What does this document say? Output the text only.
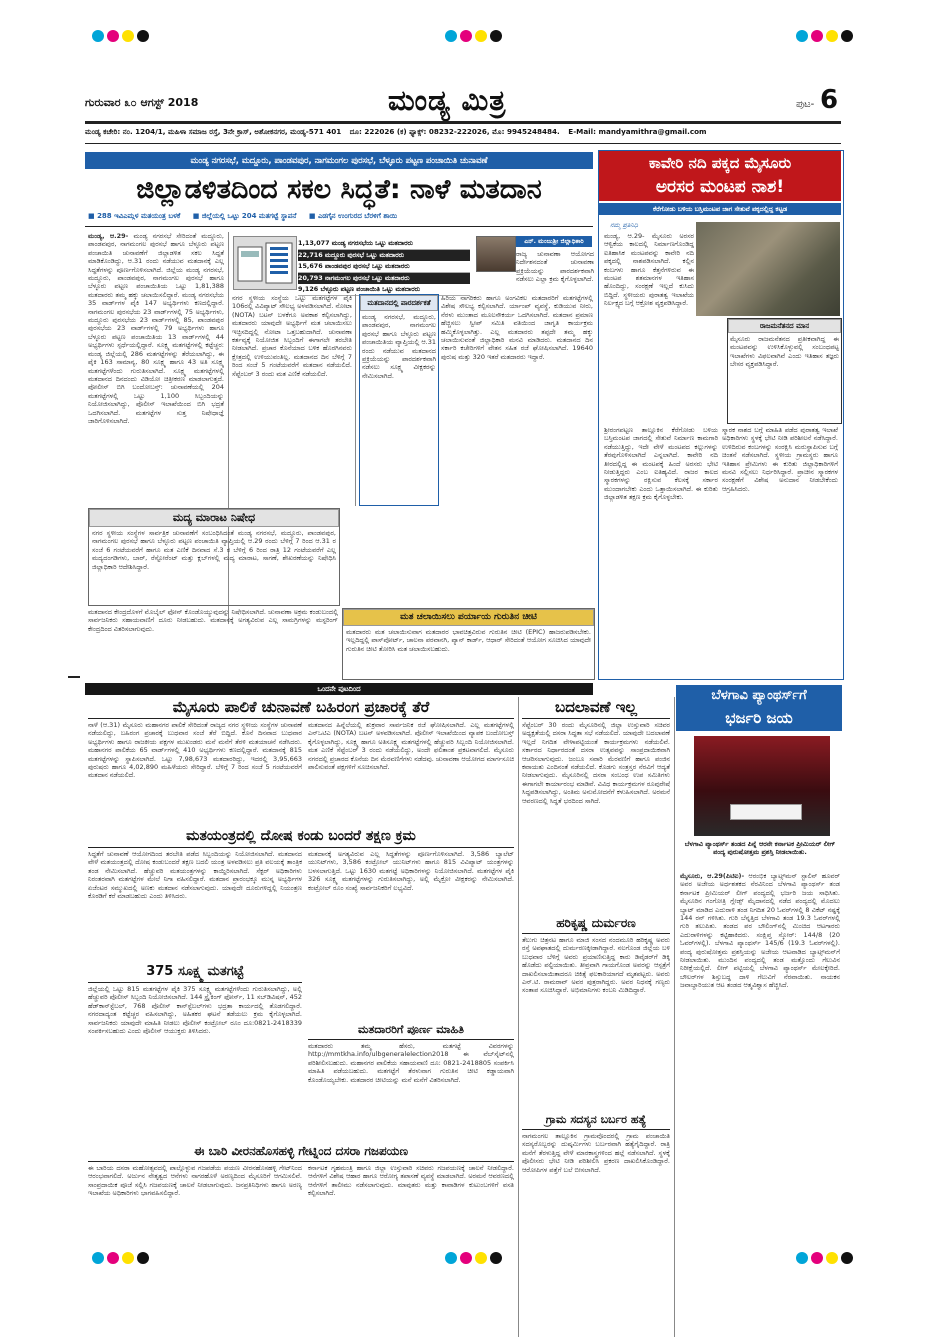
ಗುರುವಾರ ೩೦ ಆಗಸ್ಟ್ 2018	ಮಂಡ್ಯ ಮಿತ್ರ	ಪುಟ- 6
ಮಂಡ್ಯ ಕಚೇರಿ: ನಂ. 1204/1, ಮಹಿಳಾ ಸಮಾಜ ರಸ್ತೆ, 3ನೇ ಕ್ರಾಸ್, ಅಶೋಕನಗರ, ಮಂಡ್ಯ-571 401 ದೂ: 222026 (ಕ) ಫ್ಯಾಕ್ಸ್: 08232-222026, ಮೊ: 9945248484. E-Mail: mandyamithra@gmail.com
ಮಂಡ್ಯ ನಗರಸಭೆ, ಮದ್ದೂರು, ಪಾಂಡವಪುರ, ನಾಗಮಂಗಲ ಪುರಸಭೆ, ಬೆಳ್ಳೂರು ಪಟ್ಟಣ ಪಂಚಾಯಿತಿ ಚುನಾವಣೆ
ಜಿಲ್ಲಾಡಳಿತದಿಂದ ಸಕಲ ಸಿದ್ಧತೆ: ನಾಳೆ ಮತದಾನ
■ 288 ಇವಿಎಮ್ಗಳ ಮತಯಂತ್ರ ಬಳಕೆ ■ ಜಿಲ್ಲೆಯಲ್ಲಿ ಒಟ್ಟು 204 ಮತಗಟ್ಟೆ ಸ್ಥಾಪನೆ ■ ಎಡಗೈನ ಉಂಗುರದ ಬೆರಳಿಗೆ ಶಾಯಿ
ಮಂಡ್ಯ, ಆ.29- ಮಂಡ್ಯ ನಗರಸಭೆ ಸೇರಿದಂತೆ ಮದ್ದೂರು, ಪಾಂಡವಪುರ, ನಾಗಮಂಗಲ ಪುರಸಭೆ ಹಾಗೂ ಬೆಳ್ಳೂರು ಪಟ್ಟಣ ಪಂಚಾಯಿತಿ ಚುನಾವಣೆಗೆ ಜಿಲ್ಲಾಡಳಿತ ಸಕಲ ಸಿದ್ಧತೆ ಮಾಡಿಕೊಂಡಿದ್ದು, ಆ.31 ರಂದು ನಡೆಯುವ ಮತದಾನಕ್ಕೆ ಎಲ್ಲ ಸಿದ್ಧತೆಗಳನ್ನು ಪೂರ್ಣಗೊಳಿಸಲಾಗಿದೆ. ಜಿಲ್ಲೆಯ ಮಂಡ್ಯ ನಗರಸಭೆ, ಮದ್ದೂರು, ಪಾಂಡವಪುರ, ನಾಗಮಂಗಲ ಪುರಸಭೆ ಹಾಗೂ ಬೆಳ್ಳೂರು ಪಟ್ಟಣ ಪಂಚಾಯಿತಿಯ ಒಟ್ಟು 1,81,388 ಮತದಾರರು ತಮ್ಮ ಹಕ್ಕು ಚಲಾಯಿಸಲಿದ್ದಾರೆ. ಮಂಡ್ಯ ನಗರಸಭೆಯ 35 ವಾರ್ಡ್‌ಗಳ ಪೈಕಿ 147 ಅಭ್ಯರ್ಥಿಗಳು ಕಣದಲ್ಲಿದ್ದಾರೆ. ನಾಗಮಂಗಲ ಪುರಸಭೆಯ 23 ವಾರ್ಡ್‌ಗಳಲ್ಲಿ 75 ಅಭ್ಯರ್ಥಿಗಳು, ಮದ್ದೂರು ಪುರಸಭೆಯ 23 ವಾರ್ಡ್‌ಗಳಲ್ಲಿ 85, ಪಾಂಡವಪುರ ಪುರಸಭೆಯ 23 ವಾರ್ಡ್‌ಗಳಲ್ಲಿ 79 ಅಭ್ಯರ್ಥಿಗಳು ಹಾಗೂ ಬೆಳ್ಳೂರು ಪಟ್ಟಣ ಪಂಚಾಯಿತಿಯ 13 ವಾರ್ಡ್‌ಗಳಲ್ಲಿ 44 ಅಭ್ಯರ್ಥಿಗಳು ಸ್ಪರ್ಧೆಯಲ್ಲಿದ್ದಾರೆ. ಸೂಕ್ಷ್ಮ ಮತಗಟ್ಟೆಗಳಲ್ಲಿ ಕಟ್ಟೆಚ್ಚರ: ಮಂಡ್ಯ ಜಿಲ್ಲೆಯಲ್ಲಿ 286 ಮತಗಟ್ಟೆಗಳನ್ನು ತೆರೆಯಲಾಗಿದ್ದು, ಈ ಪೈಕಿ 163 ಸಾಮಾನ್ಯ, 80 ಸೂಕ್ಷ್ಮ ಹಾಗೂ 43 ಅತಿ ಸೂಕ್ಷ್ಮ ಮತಗಟ್ಟೆಗಳೆಂದು ಗುರುತಿಸಲಾಗಿದೆ. ಸೂಕ್ಷ್ಮ ಮತಗಟ್ಟೆಗಳಲ್ಲಿ ಮತದಾನದ ದಿನದಂದು ವಿಡಿಯೋ ಚಿತ್ರೀಕರಣ ಮಾಡಲಾಗುತ್ತದೆ. ಪೋಲೀಸ್ ಬಿಗಿ ಬಂದೋಬಸ್ತ್: ಚುನಾವಣೆಯಲ್ಲಿ 204 ಮತಗಟ್ಟೆಗಳಲ್ಲಿ ಒಟ್ಟು 1,100 ಸಿಬ್ಬಂದಿಯನ್ನು ನಿಯೋಜಿಸಲಾಗಿದ್ದು, ಪೊಲೀಸ್ ಇಲಾಖೆಯಿಂದ ಬಿಗಿ ಭದ್ರತೆ ಒದಗಿಸಲಾಗಿದೆ. ಮತಗಟ್ಟೆಗಳ ಸುತ್ತ ನಿಷೇಧಾಜ್ಞೆ ಜಾರಿಗೊಳಿಸಲಾಗಿದೆ.
1,13,077 ಮಂಡ್ಯ ನಗರಸಭೆಯ ಒಟ್ಟು ಮತದಾರರು
22,716 ಮದ್ದೂರು ಪುರಸಭೆ ಒಟ್ಟು ಮತದಾರರು
15,676 ಪಾಂಡವಪುರ ಪುರಸಭೆ ಒಟ್ಟು ಮತದಾರರು
20,793 ನಾಗಮಂಗಲ ಪುರಸಭೆ ಒಟ್ಟು ಮತದಾರರು
9,126 ಬೆಳ್ಳೂರು ಪಟ್ಟಣ ಪಂಚಾಯಿತಿ ಒಟ್ಟು ಮತದಾರರು
ಎನ್. ಮಂಜುಶ್ರೀ ಜಿಲ್ಲಾಧಿಕಾರಿ
ರಾಜ್ಯ ಚುನಾವಣಾ ಆಯೋಗದ ನಿರ್ದೇಶನದಂತೆ ಚುನಾವಣಾ ಪ್ರಕ್ರಿಯೆಯನ್ನು ಪಾರದರ್ಶಕವಾಗಿ ನಡೆಸಲು ಎಲ್ಲಾ ಕ್ರಮ ಕೈಗೊಳ್ಳಲಾಗಿದೆ.
ನಗರ ಸ್ಥಳೀಯ ಸಂಸ್ಥೆಯ ಒಟ್ಟು ಮತಗಟ್ಟೆಗಳ ಪೈಕಿ 106ರಲ್ಲಿ ವಿವಿಪ್ಯಾಟ್ ಸೌಲಭ್ಯ ಅಳವಡಿಸಲಾಗಿದೆ. ನೋಟಾ (NOTA) ಬಟನ್ ಬಳಕೆಗೂ ಅವಕಾಶ ಕಲ್ಪಿಸಲಾಗಿದ್ದು, ಮತದಾರರು ಯಾವುದೇ ಅಭ್ಯರ್ಥಿಗೆ ಮತ ಚಲಾಯಿಸಲು ಇಚ್ಛಿಸದಿದ್ದಲ್ಲಿ ನೋಟಾ ಒತ್ತಬಹುದಾಗಿದೆ. ಚುನಾವಣಾ ಕರ್ತವ್ಯಕ್ಕೆ ನಿಯೋಜಿತ ಸಿಬ್ಬಂದಿಗೆ ಈಗಾಗಲೇ ತರಬೇತಿ ನೀಡಲಾಗಿದೆ. ಪ್ರಚಾರ ಕೊನೆಯಾದ ಬಳಿಕ ಹೊರಗಿನವರು ಕ್ಷೇತ್ರದಲ್ಲಿ ಉಳಿಯುವಂತಿಲ್ಲ. ಮತದಾನದ ದಿನ ಬೆಳಿಗ್ಗೆ 7 ರಿಂದ ಸಂಜೆ 5 ಗಂಟೆಯವರೆಗೆ ಮತದಾನ ನಡೆಯಲಿದೆ. ಸೆಪ್ಟೆಂಬರ್ 3 ರಂದು ಮತ ಎಣಿಕೆ ನಡೆಯಲಿದೆ.
ಮತದಾನದಲ್ಲಿ ಪಾರದರ್ಶಕತೆ
ಮಂಡ್ಯ ನಗರಸಭೆ, ಮದ್ದೂರು, ಪಾಂಡವಪುರ, ನಾಗಮಂಗಲ ಪುರಸಭೆ ಹಾಗೂ ಬೆಳ್ಳೂರು ಪಟ್ಟಣ ಪಂಚಾಯಿತಿಯ ವ್ಯಾಪ್ತಿಯಲ್ಲಿ ಆ.31 ರಂದು ನಡೆಯುವ ಮತದಾನದ ಪ್ರಕ್ರಿಯೆಯನ್ನು ಪಾರದರ್ಶಕವಾಗಿ ನಡೆಸಲು ಸೂಕ್ಷ್ಮ ವೀಕ್ಷಕರನ್ನು ನೇಮಿಸಲಾಗಿದೆ.
ಹಿರಿಯ ನಾಗರಿಕರು ಹಾಗೂ ಅಂಗವಿಕಲ ಮತದಾರರಿಗೆ ಮತಗಟ್ಟೆಗಳಲ್ಲಿ ವಿಶೇಷ ಸೌಲಭ್ಯ ಕಲ್ಪಿಸಲಾಗಿದೆ. ರ್ಯಾಂಪ್ ವ್ಯವಸ್ಥೆ, ಕುಡಿಯುವ ನೀರು, ನೆರಳು ಮುಂತಾದ ಮೂಲಸೌಕರ್ಯ ಒದಗಿಸಲಾಗಿದೆ. ಮತದಾನ ಪ್ರಮಾಣ ಹೆಚ್ಚಿಸಲು ಸ್ವೀಪ್ ಸಮಿತಿ ವತಿಯಿಂದ ಜಾಗೃತಿ ಕಾರ್ಯಕ್ರಮ ಹಮ್ಮಿಕೊಳ್ಳಲಾಗಿತ್ತು. ಎಲ್ಲ ಮತದಾರರು ತಪ್ಪದೇ ತಮ್ಮ ಹಕ್ಕು ಚಲಾಯಿಸುವಂತೆ ಜಿಲ್ಲಾಧಿಕಾರಿ ಮನವಿ ಮಾಡಿದರು. ಮತದಾನದ ದಿನ ಸರ್ಕಾರಿ ಕಚೇರಿಗಳಿಗೆ ವೇತನ ಸಹಿತ ರಜೆ ಘೋಷಿಸಲಾಗಿದೆ. 19640 ಪುರುಷ ಮತ್ತು 320 ಇತರೆ ಮತದಾರರು ಇದ್ದಾರೆ.
ಮದ್ಯ ಮಾರಾಟ ನಿಷೇಧ
ನಗರ ಸ್ಥಳೀಯ ಸಂಸ್ಥೆಗಳ ಸಾರ್ವತ್ರಿಕ ಚುನಾವಣೆಗೆ ಸಂಬಂಧಿಸಿದಂತೆ ಮಂಡ್ಯ ನಗರಸಭೆ, ಮದ್ದೂರು, ಪಾಂಡವಪುರ, ನಾಗಮಂಗಲ ಪುರಸಭೆ ಹಾಗೂ ಬೆಳ್ಳೂರು ಪಟ್ಟಣ ಪಂಚಾಯಿತಿ ವ್ಯಾಪ್ತಿಯಲ್ಲಿ ಆ.29 ರಂದು ಬೆಳಿಗ್ಗೆ 7 ರಿಂದ ಆ.31 ರ ಸಂಜೆ 6 ಗಂಟೆಯವರೆಗೆ ಹಾಗೂ ಮತ ಎಣಿಕೆ ದಿನವಾದ ಸೆ.3 ರ ಬೆಳಿಗ್ಗೆ 6 ರಿಂದ ರಾತ್ರಿ 12 ಗಂಟೆಯವರೆಗೆ ಎಲ್ಲ ಮದ್ಯದಂಗಡಿಗಳು, ಬಾರ್, ರೆಸ್ಟೋರೆಂಟ್ ಮತ್ತು ಕ್ಲಬ್‌ಗಳಲ್ಲಿ ಮದ್ಯ ಮಾರಾಟ, ಸಾಗಣೆ, ಶೇಖರಣೆಯನ್ನು ನಿಷೇಧಿಸಿ ಜಿಲ್ಲಾಧಿಕಾರಿ ಆದೇಶಿಸಿದ್ದಾರೆ.
ಮತ ಚಲಾಯಿಸಲು ಪರ್ಯಾಯ ಗುರುತಿನ ಚೀಟಿ
ಮತದಾರರು ಮತ ಚಲಾಯಿಸುವಾಗ ಮತದಾರರ ಭಾವಚಿತ್ರವಿರುವ ಗುರುತಿನ ಚೀಟಿ (EPIC) ಹಾಜರುಪಡಿಸಬೇಕು. ಇಲ್ಲದಿದ್ದಲ್ಲಿ ಪಾಸ್‌ಪೋರ್ಟ್, ಚಾಲನಾ ಪರವಾನಗಿ, ಪ್ಯಾನ್ ಕಾರ್ಡ್, ಆಧಾರ್ ಸೇರಿದಂತೆ ಆಯೋಗ ಸೂಚಿಸಿದ ಯಾವುದೇ ಗುರುತಿನ ಚೀಟಿ ತೋರಿಸಿ ಮತ ಚಲಾಯಿಸಬಹುದು.
ಮತದಾನದ ಕೇಂದ್ರದೊಳಗೆ ಮೊಬೈಲ್ ಫೋನ್ ಕೊಂಡೊಯ್ಯುವುದನ್ನು ನಿಷೇಧಿಸಲಾಗಿದೆ. ಚುನಾವಣಾ ಅಕ್ರಮ ಕಂಡುಬಂದಲ್ಲಿ ಸಾರ್ವಜನಿಕರು ಸಹಾಯವಾಣಿಗೆ ದೂರು ನೀಡಬಹುದು. ಮತದಾನಕ್ಕೆ ಅಗತ್ಯವಿರುವ ಎಲ್ಲ ಸಾಮಗ್ರಿಗಳನ್ನು ಮಸ್ಟರಿಂಗ್ ಕೇಂದ್ರದಿಂದ ವಿತರಿಸಲಾಗುವುದು.
ಕಾವೇರಿ ನದಿ ಪಕ್ಕದ ಮೈಸೂರು
ಅರಸರ ಮಂಟಪ ನಾಶ!
ಕೆರೆಗೋಡು ಬಳಿಯ ಬಸ್ತಿಮಂಟಪ ಜಾಗ ಸೇತುವೆ ಪಕ್ಕದಲ್ಲಿದ್ದ ಕಟ್ಟಡ
ನಮ್ಮ ಪ್ರತಿನಿಧಿ
ಮಂಡ್ಯ, ಆ.29- ಮೈಸೂರು ಅರಸರ ಆಳ್ವಿಕೆಯ ಕಾಲದಲ್ಲಿ ನಿರ್ಮಾಣಗೊಂಡಿದ್ದ ಐತಿಹಾಸಿಕ ಮಂಟಪವನ್ನು ಕಾವೇರಿ ನದಿ ಪಕ್ಕದಲ್ಲಿ ನಾಶಪಡಿಸಲಾಗಿದೆ. ಕಲ್ಲಿನ ಕಂಬಗಳು ಹಾಗೂ ಕೆತ್ತನೆಗಳಿರುವ ಈ ಮಂಟಪ ಶತಮಾನಗಳ ಇತಿಹಾಸ ಹೊಂದಿದ್ದು, ಸಂರಕ್ಷಣೆ ಇಲ್ಲದೆ ಕುಸಿದು ಬಿದ್ದಿದೆ. ಸ್ಥಳೀಯರು ಪುರಾತತ್ವ ಇಲಾಖೆಯ ನಿರ್ಲಕ್ಷ್ಯದ ಬಗ್ಗೆ ಆಕ್ರೋಶ ವ್ಯಕ್ತಪಡಿಸಿದ್ದಾರೆ.
ರಾಜಮನೆತನದ ಮಾನ
ಮೈಸೂರು ರಾಜಮನೆತನದ ಪ್ರತೀಕವಾಗಿದ್ದ ಈ ಮಂಟಪವನ್ನು ಉಳಿಸಿಕೊಳ್ಳುವಲ್ಲಿ ಸಂಬಂಧಪಟ್ಟ ಇಲಾಖೆಗಳು ವಿಫಲವಾಗಿವೆ ಎಂದು ಇತಿಹಾಸ ತಜ್ಞರು ಬೇಸರ ವ್ಯಕ್ತಪಡಿಸಿದ್ದಾರೆ.
ಶ್ರೀರಂಗಪಟ್ಟಣ ತಾಲ್ಲೂಕಿನ ಕೆರೆಗೋಡು ಬಳಿಯ ಬಸ್ತಿಮಂಟಪ ಜಾಗದಲ್ಲಿ ಸೇತುವೆ ನಿರ್ಮಾಣ ಕಾಮಗಾರಿ ನಡೆಯುತ್ತಿದ್ದು, ಇದೇ ವೇಳೆ ಮಂಟಪದ ಕಲ್ಲುಗಳನ್ನು ತೆರವುಗೊಳಿಸಲಾಗಿದೆ ಎನ್ನಲಾಗಿದೆ. ಕಾವೇರಿ ನದಿ ತೀರದಲ್ಲಿದ್ದ ಈ ಮಂಟಪಕ್ಕೆ ಹಿಂದೆ ಅರಸರು ಭೇಟಿ ನೀಡುತ್ತಿದ್ದರು ಎಂಬ ಐತಿಹ್ಯವಿದೆ. ರಾಜರ ಕಾಲದ ಸ್ಮಾರಕಗಳನ್ನು ರಕ್ಷಿಸುವ ಕೆಲಸಕ್ಕೆ ಸರ್ಕಾರ ಮುಂದಾಗಬೇಕು ಎಂದು ಒತ್ತಾಯಿಸಲಾಗಿದೆ. ಈ ಕುರಿತು ಜಿಲ್ಲಾಡಳಿತ ತಕ್ಷಣ ಕ್ರಮ ಕೈಗೊಳ್ಳಬೇಕು.
ಸ್ಮಾರಕ ನಾಶದ ಬಗ್ಗೆ ಮಾಹಿತಿ ಪಡೆದ ಪುರಾತತ್ವ ಇಲಾಖೆ ಅಧಿಕಾರಿಗಳು ಸ್ಥಳಕ್ಕೆ ಭೇಟಿ ನೀಡಿ ಪರಿಶೀಲನೆ ನಡೆಸಿದ್ದಾರೆ. ಉಳಿದಿರುವ ಕಂಬಗಳನ್ನು ಸಂರಕ್ಷಿಸಿ ಮರುಸ್ಥಾಪಿಸುವ ಬಗ್ಗೆ ಚಿಂತನೆ ನಡೆಸಲಾಗಿದೆ. ಸ್ಥಳೀಯ ಗ್ರಾಮಸ್ಥರು ಹಾಗೂ ಇತಿಹಾಸ ಪ್ರೇಮಿಗಳು ಈ ಕುರಿತು ಜಿಲ್ಲಾಧಿಕಾರಿಗಳಿಗೆ ಮನವಿ ಸಲ್ಲಿಸಲು ನಿರ್ಧರಿಸಿದ್ದಾರೆ. ಪ್ರಾಚೀನ ಸ್ಮಾರಕಗಳ ಸಂರಕ್ಷಣೆಗೆ ವಿಶೇಷ ಅನುದಾನ ನೀಡಬೇಕೆಂದು ಆಗ್ರಹಿಸಿದರು.
ಒಂದನೇ ಪುಟದಿಂದ
ಮೈಸೂರು ಪಾಲಿಕೆ ಚುನಾವಣೆ ಬಹಿರಂಗ ಪ್ರಚಾರಕ್ಕೆ ತೆರೆ
ನಾಳೆ (ಆ.31) ಮೈಸೂರು ಮಹಾನಗರ ಪಾಲಿಕೆ ಸೇರಿದಂತೆ ರಾಜ್ಯದ ನಗರ ಸ್ಥಳೀಯ ಸಂಸ್ಥೆಗಳ ಚುನಾವಣೆ ನಡೆಯಲಿದ್ದು, ಬಹಿರಂಗ ಪ್ರಚಾರಕ್ಕೆ ಬುಧವಾರ ಸಂಜೆ ತೆರೆ ಬಿದ್ದಿದೆ. ಕೊನೆ ದಿನವಾದ ಬುಧವಾರ ಅಭ್ಯರ್ಥಿಗಳು ಹಾಗೂ ರಾಜಕೀಯ ಪಕ್ಷಗಳ ಮುಖಂಡರು ಮನೆ ಮನೆಗೆ ತೆರಳಿ ಮತಯಾಚನೆ ನಡೆಸಿದರು. ಮಹಾನಗರ ಪಾಲಿಕೆಯ 65 ವಾರ್ಡ್‌ಗಳಲ್ಲಿ 410 ಅಭ್ಯರ್ಥಿಗಳು ಕಣದಲ್ಲಿದ್ದಾರೆ. ಮತದಾನಕ್ಕೆ 815 ಮತಗಟ್ಟೆಗಳನ್ನು ಸ್ಥಾಪಿಸಲಾಗಿದೆ. ಒಟ್ಟು 7,98,673 ಮತದಾರರಿದ್ದು, ಇದರಲ್ಲಿ 3,95,663 ಪುರುಷರು ಹಾಗೂ 4,02,890 ಮಹಿಳೆಯರು ಸೇರಿದ್ದಾರೆ. ಬೆಳಿಗ್ಗೆ 7 ರಿಂದ ಸಂಜೆ 5 ಗಂಟೆಯವರೆಗೆ ಮತದಾನ ನಡೆಯಲಿದೆ.
ಮತದಾನದ ಹಿನ್ನೆಲೆಯಲ್ಲಿ ಶುಕ್ರವಾರ ಸಾರ್ವಜನಿಕ ರಜೆ ಘೋಷಿಸಲಾಗಿದೆ. ಎಲ್ಲ ಮತಗಟ್ಟೆಗಳಲ್ಲಿ ಎನ್ಒಟಿಎ (NOTA) ಬಟನ್ ಅಳವಡಿಸಲಾಗಿದೆ. ಪೊಲೀಸ್ ಇಲಾಖೆಯಿಂದ ವ್ಯಾಪಕ ಬಂದೋಬಸ್ತ್ ಕೈಗೊಳ್ಳಲಾಗಿದ್ದು, ಸೂಕ್ಷ್ಮ ಹಾಗೂ ಅತಿಸೂಕ್ಷ್ಮ ಮತಗಟ್ಟೆಗಳಲ್ಲಿ ಹೆಚ್ಚುವರಿ ಸಿಬ್ಬಂದಿ ನಿಯೋಜಿಸಲಾಗಿದೆ. ಮತ ಎಣಿಕೆ ಸೆಪ್ಟೆಂಬರ್ 3 ರಂದು ನಡೆಯಲಿದ್ದು, ಅಂದೇ ಫಲಿತಾಂಶ ಪ್ರಕಟವಾಗಲಿದೆ. ಮೈಸೂರು ನಗರದಲ್ಲಿ ಪ್ರಚಾರದ ಕೊನೆಯ ದಿನ ಮೆರವಣಿಗೆಗಳು ನಡೆದವು. ಚುನಾವಣಾ ಆಯೋಗದ ಮಾರ್ಗಸೂಚಿ ಪಾಲಿಸುವಂತೆ ಪಕ್ಷಗಳಿಗೆ ಸೂಚಿಸಲಾಗಿದೆ.
ಬದಲಾವಣೆ ಇಲ್ಲ
ಸೆಪ್ಟೆಂಬರ್ 30 ರಂದು ಮೈಸೂರಿನಲ್ಲಿ ಜಿಲ್ಲಾ ಉಸ್ತುವಾರಿ ಸಚಿವರ ಅಧ್ಯಕ್ಷತೆಯಲ್ಲಿ ದಸರಾ ಸಿದ್ಧತಾ ಸಭೆ ನಡೆಯಲಿದೆ. ಯಾವುದೇ ಬದಲಾವಣೆ ಇಲ್ಲದೆ ನಿಗದಿತ ವೇಳಾಪಟ್ಟಿಯಂತೆ ಕಾರ್ಯಕ್ರಮಗಳು ನಡೆಯಲಿವೆ. ಸರ್ಕಾರದ ನಿರ್ಧಾರದಂತೆ ದಸರಾ ಉತ್ಸವವನ್ನು ಸಾಂಪ್ರದಾಯಿಕವಾಗಿ ಆಚರಿಸಲಾಗುವುದು. ಜಂಬೂ ಸವಾರಿ ಮೆರವಣಿಗೆ ಹಾಗೂ ಪಂಜಿನ ಕವಾಯತು ಎಂದಿನಂತೆ ನಡೆಯಲಿದೆ. ಕೊಡಗು ಸಂತ್ರಸ್ತರ ನೆರವಿಗೆ ಆದ್ಯತೆ ನೀಡಲಾಗುವುದು. ಮೈಸೂರಿನಲ್ಲಿ ದಸರಾ ಸಂಬಂಧ ಉಪ ಸಮಿತಿಗಳು ಈಗಾಗಲೇ ಕಾರ್ಯಾರಂಭ ಮಾಡಿವೆ. ವಿವಿಧ ಕಾರ್ಯಕ್ರಮಗಳ ರೂಪುರೇಷೆ ಸಿದ್ಧಪಡಿಸಲಾಗಿದ್ದು, ಅಂತಿಮ ಅನುಮೋದನೆಗೆ ಕಳುಹಿಸಲಾಗಿದೆ. ಅರಮನೆ ಆವರಣದಲ್ಲಿ ಸಿದ್ಧತೆ ಭರದಿಂದ ಸಾಗಿದೆ.
ಬೆಳಗಾವಿ ಪ್ಯಾಂಥರ್ಸ್‌ಗೆ
ಭರ್ಜರಿ ಜಯ
ಬೆಳಗಾವಿ ಪ್ಯಾಂಥರ್ಸ್ ತಂಡದ ಪಿನ್ನೆ ಆರನೇ ಕರ್ನಾಟಕ ಪ್ರೀಮಿಯರ್ ಲೀಗ್ ಪಂದ್ಯ ಪುರುಷೋತ್ತಮ ಪ್ರಶಸ್ತಿ ನೀಡಲಾಯಿತು.
ಮೈಸೂರು, ಆ.29(ಪಿಟಿಐ)- ಆರಂಭಿಕ ಬ್ಯಾಟ್ಸ್‌ಮನ್ ಸ್ಟಾಲಿನ್ ಹೂವರ್ ಅವರ ಅಜೇಯ ಅರ್ಧಶತಕದ ನೆರವಿನಿಂದ ಬೆಳಗಾವಿ ಪ್ಯಾಂಥರ್ಸ್ ತಂಡ ಕರ್ನಾಟಕ ಪ್ರೀಮಿಯರ್ ಲೀಗ್ ಪಂದ್ಯದಲ್ಲಿ ಭರ್ಜರಿ ಜಯ ಸಾಧಿಸಿತು. ಮೈಸೂರಿನ ಗಂಗೋತ್ರಿ ಗ್ಲೇಡ್ಸ್ ಮೈದಾನದಲ್ಲಿ ನಡೆದ ಪಂದ್ಯದಲ್ಲಿ ಮೊದಲು ಬ್ಯಾಟ್ ಮಾಡಿದ ಎದುರಾಳಿ ತಂಡ ನಿಗದಿತ 20 ಓವರ್‌ಗಳಲ್ಲಿ 8 ವಿಕೆಟ್ ನಷ್ಟಕ್ಕೆ 144 ರನ್ ಗಳಿಸಿತು. ಗುರಿ ಬೆನ್ನತ್ತಿದ ಬೆಳಗಾವಿ ತಂಡ 19.3 ಓವರ್‌ಗಳಲ್ಲಿ ಗುರಿ ತಲುಪಿತು. ತಂಡದ ಪರ ಬೌಲಿಂಗ್‌ನಲ್ಲಿ ಮಿಂಚಿದ ಆಟಗಾರರು ಎದುರಾಳಿಗಳನ್ನು ಕಟ್ಟಿಹಾಕಿದರು. ಸಂಕ್ಷಿಪ್ತ ಸ್ಕೋರ್: 144/8 (20 ಓವರ್‌ಗಳಲ್ಲಿ). ಬೆಳಗಾವಿ ಪ್ಯಾಂಥರ್ಸ್ 145/6 (19.3 ಓವರ್‌ಗಳಲ್ಲಿ). ಪಂದ್ಯ ಪುರುಷೋತ್ತಮ ಪ್ರಶಸ್ತಿಯನ್ನು ಅಜೇಯ ಆಟವಾಡಿದ ಬ್ಯಾಟ್ಸ್‌ಮನ್‌ಗೆ ನೀಡಲಾಯಿತು. ಮುಂದಿನ ಪಂದ್ಯದಲ್ಲಿ ತಂಡ ಮತ್ತೊಂದು ಗೆಲುವಿನ ನಿರೀಕ್ಷೆಯಲ್ಲಿದೆ. ಲೀಗ್ ಪಟ್ಟಿಯಲ್ಲಿ ಬೆಳಗಾವಿ ಪ್ಯಾಂಥರ್ಸ್ ಮೇಲಕ್ಕೇರಿದೆ. ಬೌಲರ್‌ಗಳ ಶಿಸ್ತುಬದ್ಧ ದಾಳಿ ಗೆಲುವಿಗೆ ನೆರವಾಯಿತು. ನಾಯಕನ ಜವಾಬ್ದಾರಿಯುತ ಆಟ ತಂಡದ ಆತ್ಮವಿಶ್ವಾಸ ಹೆಚ್ಚಿಸಿದೆ.
ಮತಯಂತ್ರದಲ್ಲಿ ದೋಷ ಕಂಡು ಬಂದರೆ ತಕ್ಷಣ ಕ್ರಮ
ಸಿದ್ಧತೆಗೆ ಚುನಾವಣೆ ಆಯೋಗದಿಂದ ತರಬೇತಿ ಪಡೆದ ಸಿಬ್ಬಂದಿಯನ್ನು ನಿಯೋಜಿಸಲಾಗಿದೆ. ಮತದಾನದ ವೇಳೆ ಮತಯಂತ್ರದಲ್ಲಿ ದೋಷ ಕಂಡುಬಂದರೆ ತಕ್ಷಣ ಬದಲಿ ಯಂತ್ರ ಅಳವಡಿಸಲು ಪ್ರತಿ ವಲಯಕ್ಕೆ ತಾಂತ್ರಿಕ ತಂಡ ನೇಮಿಸಲಾಗಿದೆ. ಹೆಚ್ಚುವರಿ ಮತಯಂತ್ರಗಳನ್ನು ಕಾಯ್ದಿರಿಸಲಾಗಿದೆ. ಸೆಕ್ಟರ್ ಅಧಿಕಾರಿಗಳು ನಿರಂತರವಾಗಿ ಮತಗಟ್ಟೆಗಳ ಮೇಲೆ ನಿಗಾ ವಹಿಸಲಿದ್ದಾರೆ. ಮತದಾನ ಪ್ರಾರಂಭಕ್ಕೂ ಮುನ್ನ ಅಭ್ಯರ್ಥಿಗಳ ಏಜೆಂಟರ ಸಮ್ಮುಖದಲ್ಲಿ ಅಣಕು ಮತದಾನ ನಡೆಸಲಾಗುವುದು. ಯಾವುದೇ ದೂರುಗಳಿದ್ದಲ್ಲಿ ನಿಯಂತ್ರಣ ಕೊಠಡಿಗೆ ಕರೆ ಮಾಡಬಹುದು ಎಂದು ತಿಳಿಸಿದರು.
ಮತದಾನಕ್ಕೆ ಅಗತ್ಯವಿರುವ ಎಲ್ಲ ಸಿದ್ಧತೆಗಳನ್ನು ಪೂರ್ಣಗೊಳಿಸಲಾಗಿದೆ. 3,586 ಬ್ಯಾಲೆಟ್ ಯುನಿಟ್‌ಗಳು, 3,586 ಕಂಟ್ರೋಲ್ ಯುನಿಟ್‌ಗಳು ಹಾಗೂ 815 ವಿವಿಪ್ಯಾಟ್ ಯಂತ್ರಗಳನ್ನು ಬಳಸಲಾಗುತ್ತಿದೆ. ಒಟ್ಟು 1630 ಮತಗಟ್ಟೆ ಅಧಿಕಾರಿಗಳನ್ನು ನಿಯೋಜಿಸಲಾಗಿದೆ. ಮತಗಟ್ಟೆಗಳ ಪೈಕಿ 326 ಸೂಕ್ಷ್ಮ ಮತಗಟ್ಟೆಗಳನ್ನು ಗುರುತಿಸಲಾಗಿದ್ದು, ಅಲ್ಲಿ ಮೈಕ್ರೋ ವೀಕ್ಷಕರನ್ನು ನೇಮಿಸಲಾಗಿದೆ. ಕಂಟ್ರೋಲ್ ರೂಂ ಸಂಖ್ಯೆ ಸಾರ್ವಜನಿಕರಿಗೆ ಲಭ್ಯವಿದೆ.
375 ಸೂಕ್ಷ್ಮ ಮತಗಟ್ಟೆ
ಜಿಲ್ಲೆಯಲ್ಲಿ ಒಟ್ಟು 815 ಮತಗಟ್ಟೆಗಳ ಪೈಕಿ 375 ಸೂಕ್ಷ್ಮ ಮತಗಟ್ಟೆಗಳೆಂದು ಗುರುತಿಸಲಾಗಿದ್ದು, ಅಲ್ಲಿ ಹೆಚ್ಚುವರಿ ಪೊಲೀಸ್ ಸಿಬ್ಬಂದಿ ನಿಯೋಜಿಸಲಾಗಿದೆ. 144 ಸ್ಟ್ರೈಕಿಂಗ್ ಫೋರ್ಸ್, 11 ಸಬ್‌ಡಿವಿಷನ್, 452 ಹೆಡ್‌ಕಾನ್‌ಸ್ಟೆಬಲ್, 768 ಪೊಲೀಸ್ ಕಾನ್‌ಸ್ಟೆಬಲ್‌ಗಳು ಭದ್ರತಾ ಕಾರ್ಯದಲ್ಲಿ ತೊಡಗಲಿದ್ದಾರೆ. ನಗರದಾದ್ಯಂತ ಕಟ್ಟೆಚ್ಚರ ವಹಿಸಲಾಗಿದ್ದು, ಅಹಿತಕರ ಘಟನೆ ತಡೆಯಲು ಕ್ರಮ ಕೈಗೊಳ್ಳಲಾಗಿದೆ. ಸಾರ್ವಜನಿಕರು ಯಾವುದೇ ಮಾಹಿತಿ ನೀಡಲು ಪೊಲೀಸ್ ಕಂಟ್ರೋಲ್ ರೂಂ ದೂ:0821-2418339 ಸಂಪರ್ಕಿಸಬಹುದು ಎಂದು ಪೊಲೀಸ್ ಆಯುಕ್ತರು ತಿಳಿಸಿದರು.	ಮತದಾರರಿಗೆ ಪೂರ್ಣ ಮಾಹಿತಿ
ಮತದಾರರು ತಮ್ಮ ಹೆಸರು, ಮತಗಟ್ಟೆ ವಿವರಗಳನ್ನು http://mmtkha.info/ulbgeneralelection2018 ಈ ವೆಬ್‌ಸೈಟ್‌ನಲ್ಲಿ ಪರಿಶೀಲಿಸಬಹುದು. ಮಹಾನಗರ ಪಾಲಿಕೆಯ ಸಹಾಯವಾಣಿ ದೂ: 0821-2418805 ಸಂಪರ್ಕಿಸಿ ಮಾಹಿತಿ ಪಡೆಯಬಹುದು. ಮತಗಟ್ಟೆಗೆ ತೆರಳುವಾಗ ಗುರುತಿನ ಚೀಟಿ ಕಡ್ಡಾಯವಾಗಿ ಕೊಂಡೊಯ್ಯಬೇಕು. ಮತದಾರರ ಚೀಟಿಯನ್ನು ಮನೆ ಮನೆಗೆ ವಿತರಿಸಲಾಗಿದೆ.
ಹರಿಕೃಷ್ಣ ದುರ್ಮರಣ
ತೆಲುಗು ಚಿತ್ರನಟ ಹಾಗೂ ಮಾಜಿ ಸಂಸದ ನಂದಮೂರಿ ಹರಿಕೃಷ್ಣ ಅವರು ರಸ್ತೆ ಅಪಘಾತದಲ್ಲಿ ದುರ್ಮರಣಕ್ಕೀಡಾಗಿದ್ದಾರೆ. ನಲಗೊಂಡ ಜಿಲ್ಲೆಯ ಬಳಿ ಬುಧವಾರ ಬೆಳಿಗ್ಗೆ ಅವರು ಪ್ರಯಾಣಿಸುತ್ತಿದ್ದ ಕಾರು ಡಿವೈಡರ್‌ಗೆ ಡಿಕ್ಕಿ ಹೊಡೆದು ಪಲ್ಟಿಯಾಯಿತು. ತೀವ್ರವಾಗಿ ಗಾಯಗೊಂಡ ಅವರನ್ನು ಆಸ್ಪತ್ರೆಗೆ ದಾಖಲಿಸಲಾಯಿತಾದರೂ ಚಿಕಿತ್ಸೆ ಫಲಕಾರಿಯಾಗದೆ ಮೃತಪಟ್ಟರು. ಅವರು ಎನ್.ಟಿ. ರಾಮರಾವ್ ಅವರ ಪುತ್ರರಾಗಿದ್ದರು. ಅವರ ನಿಧನಕ್ಕೆ ಗಣ್ಯರು ಸಂತಾಪ ಸೂಚಿಸಿದ್ದಾರೆ. ಅಭಿಮಾನಿಗಳು ಕಂಬನಿ ಮಿಡಿದಿದ್ದಾರೆ.
ಗ್ರಾಮ ಸದಸ್ಯನ ಬರ್ಬರ ಹತ್ಯೆ
ನಾಗಮಂಗಲ ತಾಲ್ಲೂಕಿನ ಗ್ರಾಮವೊಂದರಲ್ಲಿ ಗ್ರಾಮ ಪಂಚಾಯಿತಿ ಸದಸ್ಯರೊಬ್ಬರನ್ನು ದುಷ್ಕರ್ಮಿಗಳು ಬರ್ಬರವಾಗಿ ಹತ್ಯೆಗೈದಿದ್ದಾರೆ. ರಾತ್ರಿ ಮನೆಗೆ ತೆರಳುತ್ತಿದ್ದ ವೇಳೆ ಮಾರಕಾಸ್ತ್ರಗಳಿಂದ ಹಲ್ಲೆ ನಡೆಸಲಾಗಿದೆ. ಸ್ಥಳಕ್ಕೆ ಪೊಲೀಸರು ಭೇಟಿ ನೀಡಿ ಪರಿಶೀಲಿಸಿ ಪ್ರಕರಣ ದಾಖಲಿಸಿಕೊಂಡಿದ್ದಾರೆ. ಆರೋಪಿಗಳ ಪತ್ತೆಗೆ ಬಲೆ ಬೀಸಲಾಗಿದೆ.
ಈ ಬಾರಿ ವೀರನಹೊಸಹಳ್ಳಿ ಗೇಟ್ನಿಂದ ದಸರಾ ಗಜಪಯಣ
ಈ ಬಾರಿಯ ದಸರಾ ಮಹೋತ್ಸವದಲ್ಲಿ ಪಾಲ್ಗೊಳ್ಳುವ ಗಜಪಡೆಯ ಪಯಣ ವೀರನಹೊಸಹಳ್ಳಿ ಗೇಟ್‌ನಿಂದ ಆರಂಭವಾಗಲಿದೆ. ಅರ್ಜುನ ನೇತೃತ್ವದ ಆನೆಗಳು ನಾಗರಹೊಳೆ ಅರಣ್ಯದಿಂದ ಮೈಸೂರಿಗೆ ಆಗಮಿಸಲಿವೆ. ಸಾಂಪ್ರದಾಯಿಕ ಪೂಜೆ ಸಲ್ಲಿಸಿ ಗಜಪಯಣಕ್ಕೆ ಚಾಲನೆ ನೀಡಲಾಗುವುದು. ಜನಪ್ರತಿನಿಧಿಗಳು ಹಾಗೂ ಅರಣ್ಯ ಇಲಾಖೆಯ ಅಧಿಕಾರಿಗಳು ಭಾಗವಹಿಸಲಿದ್ದಾರೆ.
ಕರ್ನಾಟಕ ಗೃಹಮಂತ್ರಿ ಹಾಗೂ ಜಿಲ್ಲಾ ಉಸ್ತುವಾರಿ ಸಚಿವರು ಗಜಪಯಣಕ್ಕೆ ಚಾಲನೆ ನೀಡಲಿದ್ದಾರೆ. ಆನೆಗಳಿಗೆ ವಿಶೇಷ ಆಹಾರ ಹಾಗೂ ಆರೋಗ್ಯ ತಪಾಸಣೆ ವ್ಯವಸ್ಥೆ ಮಾಡಲಾಗಿದೆ. ಅರಮನೆ ಆವರಣದಲ್ಲಿ ಆನೆಗಳಿಗೆ ತಾಲೀಮು ನಡೆಸಲಾಗುವುದು. ಮಾವುತರು ಮತ್ತು ಕಾವಾಡಿಗಳ ಕುಟುಂಬಗಳಿಗೆ ವಸತಿ ಕಲ್ಪಿಸಲಾಗಿದೆ.
